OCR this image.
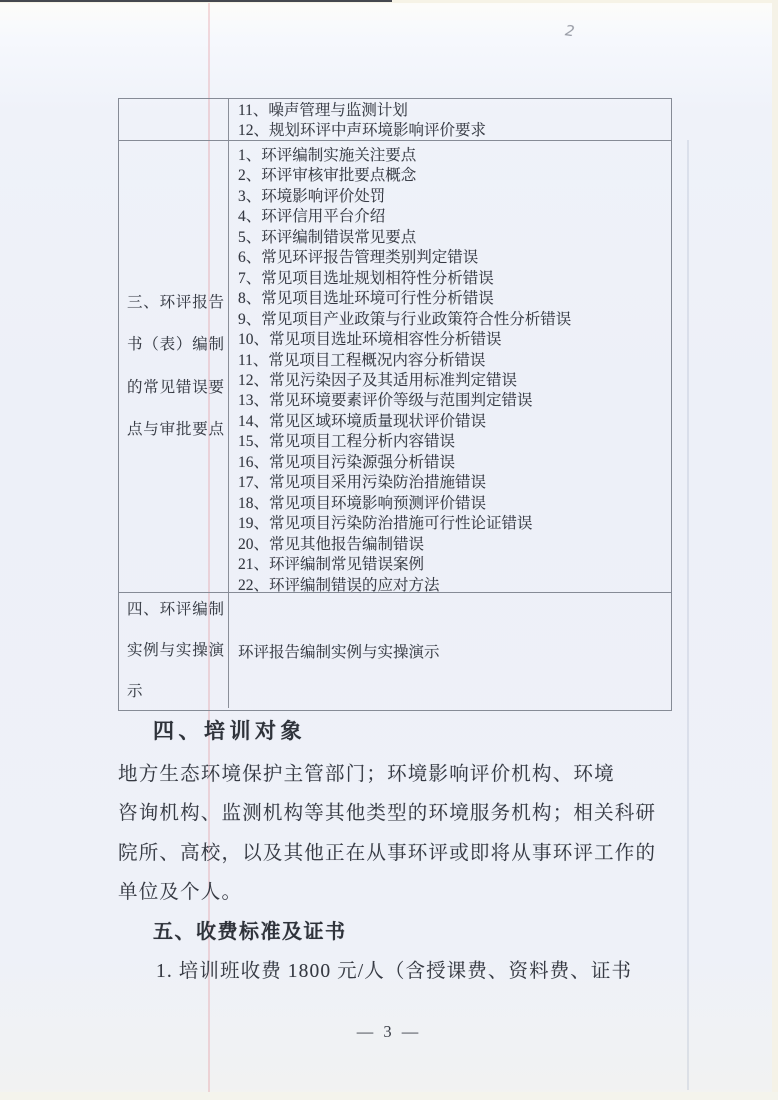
2
11、噪声管理与监测计划
12、规划环评中声环境影响评价要求
三、环评报告
书（表）编制
的常见错误要
点与审批要点
1、环评编制实施关注要点
2、环评审核审批要点概念
3、环境影响评价处罚
4、环评信用平台介绍
5、环评编制错误常见要点
6、常见环评报告管理类别判定错误
7、常见项目选址规划相符性分析错误
8、常见项目选址环境可行性分析错误
9、常见项目产业政策与行业政策符合性分析错误
10、常见项目选址环境相容性分析错误
11、常见项目工程概况内容分析错误
12、常见污染因子及其适用标准判定错误
13、常见环境要素评价等级与范围判定错误
14、常见区域环境质量现状评价错误
15、常见项目工程分析内容错误
16、常见项目污染源强分析错误
17、常见项目采用污染防治措施错误
18、常见项目环境影响预测评价错误
19、常见项目污染防治措施可行性论证错误
20、常见其他报告编制错误
21、环评编制常见错误案例
22、环评编制错误的应对方法
四、环评编制
实例与实操演
示
环评报告编制实例与实操演示
四、培训对象
地方生态环境保护主管部门；环境影响评价机构、环境
咨询机构、监测机构等其他类型的环境服务机构；相关科研
院所、高校，以及其他正在从事环评或即将从事环评工作的
单位及个人。
五、收费标准及证书
1. 培训班收费 1800 元/人（含授课费、资料费、证书
— 3 —
